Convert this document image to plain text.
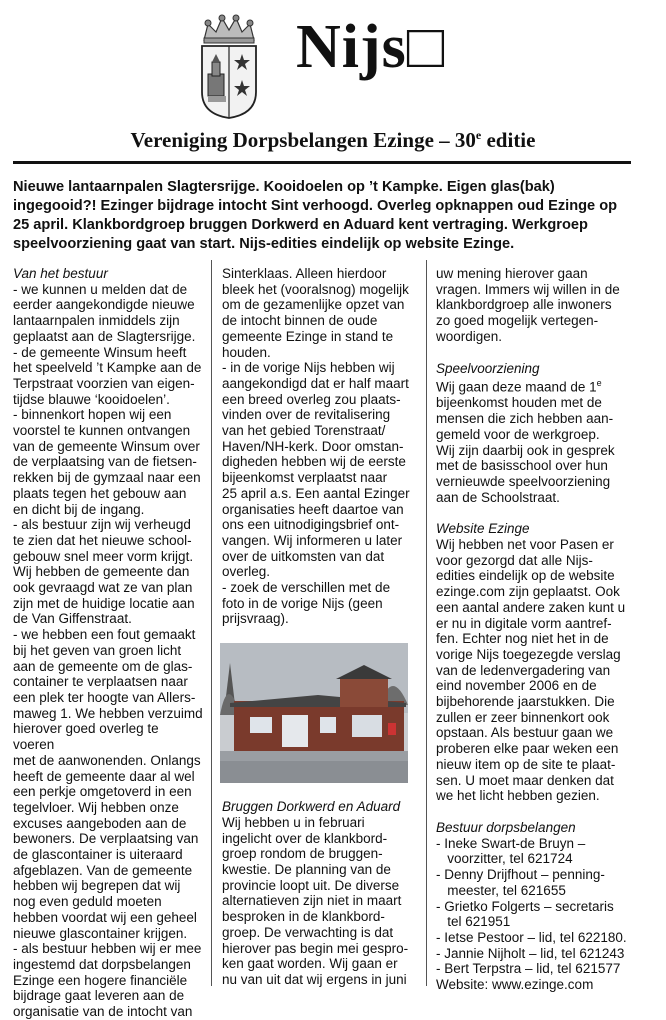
Nijs□
Vereniging Dorpsbelangen Ezinge – 30e editie
Nieuwe lantaarnpalen Slagtersrijge. Kooidoelen op ’t Kampke. Eigen glas(bak) ingegooid?! Ezinger bijdrage intocht Sint verhoogd. Overleg opknappen oud Ezinge op 25 april. Klankbordgroep bruggen Dorkwerd en Aduard kent vertraging. Werkgroep speelvoorziening gaat van start. Nijs-edities eindelijk op website Ezinge.

Van het bestuur

- we kunnen u melden dat de

eerder aangekondigde nieuwe

lantaarnpalen inmiddels zijn

geplaatst aan de Slagtersrijge.

- de gemeente Winsum heeft

het speelveld ’t Kampke aan de

Terpstraat voorzien van eigen-

tijdse blauwe ‘kooidoelen’.

- binnenkort hopen wij een

voorstel te kunnen ontvangen

van de gemeente Winsum over

de verplaatsing van de fietsen-

rekken bij de gymzaal naar een

plaats tegen het gebouw aan

en dicht bij de ingang.

- als bestuur zijn wij verheugd

te zien dat het nieuwe school-

gebouw snel meer vorm krijgt.

Wij hebben de gemeente dan

ook gevraagd wat ze van plan

zijn met de huidige locatie aan

de Van Giffenstraat.

- we hebben een fout gemaakt

bij het geven van groen licht

aan de gemeente om de glas-

container te verplaatsen naar

een plek ter hoogte van Allers-

maweg 1. We hebben verzuimd

hierover goed overleg te voeren

met de aanwonenden. Onlangs

heeft de gemeente daar al wel

een perkje omgetoverd in een

tegelvloer. Wij hebben onze

excuses aangeboden aan de

bewoners. De verplaatsing van

de glascontainer is uiteraard

afgeblazen. Van de gemeente

hebben wij begrepen dat wij

nog even geduld moeten

hebben voordat wij een geheel

nieuwe glascontainer krijgen.

- als bestuur hebben wij er mee

ingestemd dat dorpsbelangen

Ezinge een hogere financiële

bijdrage gaat leveren aan de

organisatie van de intocht van

Sinterklaas. Alleen hierdoor

bleek het (vooralsnog) mogelijk

om de gezamenlijke opzet van

de intocht binnen de oude

gemeente Ezinge in stand te

houden.

- in de vorige Nijs hebben wij

aangekondigd dat er half maart

een breed overleg zou plaats-

vinden over de revitalisering

van het gebied Torenstraat/

Haven/NH-kerk. Door omstan-

digheden hebben wij de eerste

bijeenkomst verplaatst naar

25 april a.s. Een aantal Ezinger

organisaties heeft daartoe van

ons een uitnodigingsbrief ont-

vangen. Wij informeren u later

over de uitkomsten van dat

overleg.

- zoek de verschillen met de

foto in de vorige Nijs (geen

prijsvraag).

Bruggen Dorkwerd en Aduard

Wij hebben u in februari

ingelicht over de klankbord-

groep rondom de bruggen-

kwestie. De planning van de

provincie loopt uit. De diverse

alternatieven zijn niet in maart

besproken in de klankbord-

groep. De verwachting is dat

hierover pas begin mei gespro-

ken gaat worden. Wij gaan er

nu van uit dat wij ergens in juni

uw mening hierover gaan

vragen. Immers wij willen in de

klankbordgroep alle inwoners

zo goed mogelijk vertegen-

woordigen.

Speelvoorziening

Wij gaan deze maand de 1e

bijeenkomst houden met de

mensen die zich hebben aan-

gemeld voor de werkgroep.

Wij zijn daarbij ook in gesprek

met de basisschool over hun

vernieuwde speelvoorziening

aan de Schoolstraat.

Website Ezinge

Wij hebben net voor Pasen er

voor gezorgd dat alle Nijs-

edities eindelijk op de website

ezinge.com zijn geplaatst. Ook

een aantal andere zaken kunt u

er nu in digitale vorm aantref-

fen. Echter nog niet het in de

vorige Nijs toegezegde verslag

van de ledenvergadering van

eind november 2006 en de

bijbehorende jaarstukken. Die

zullen er zeer binnenkort ook

opstaan. Als bestuur gaan we

proberen elke paar weken een

nieuw item op de site te plaat-

sen. U moet maar denken dat

we het licht hebben gezien.

Bestuur dorpsbelangen

- Ineke Swart-de Bruyn –

voorzitter, tel 621724

- Denny Drijfhout – penning-

meester, tel 621655

- Grietko Folgerts – secretaris

tel 621951

- Ietse Pestoor – lid, tel 622180.

- Jannie Nijholt – lid, tel 621243

- Bert Terpstra – lid, tel 621577

Website: www.ezinge.com
